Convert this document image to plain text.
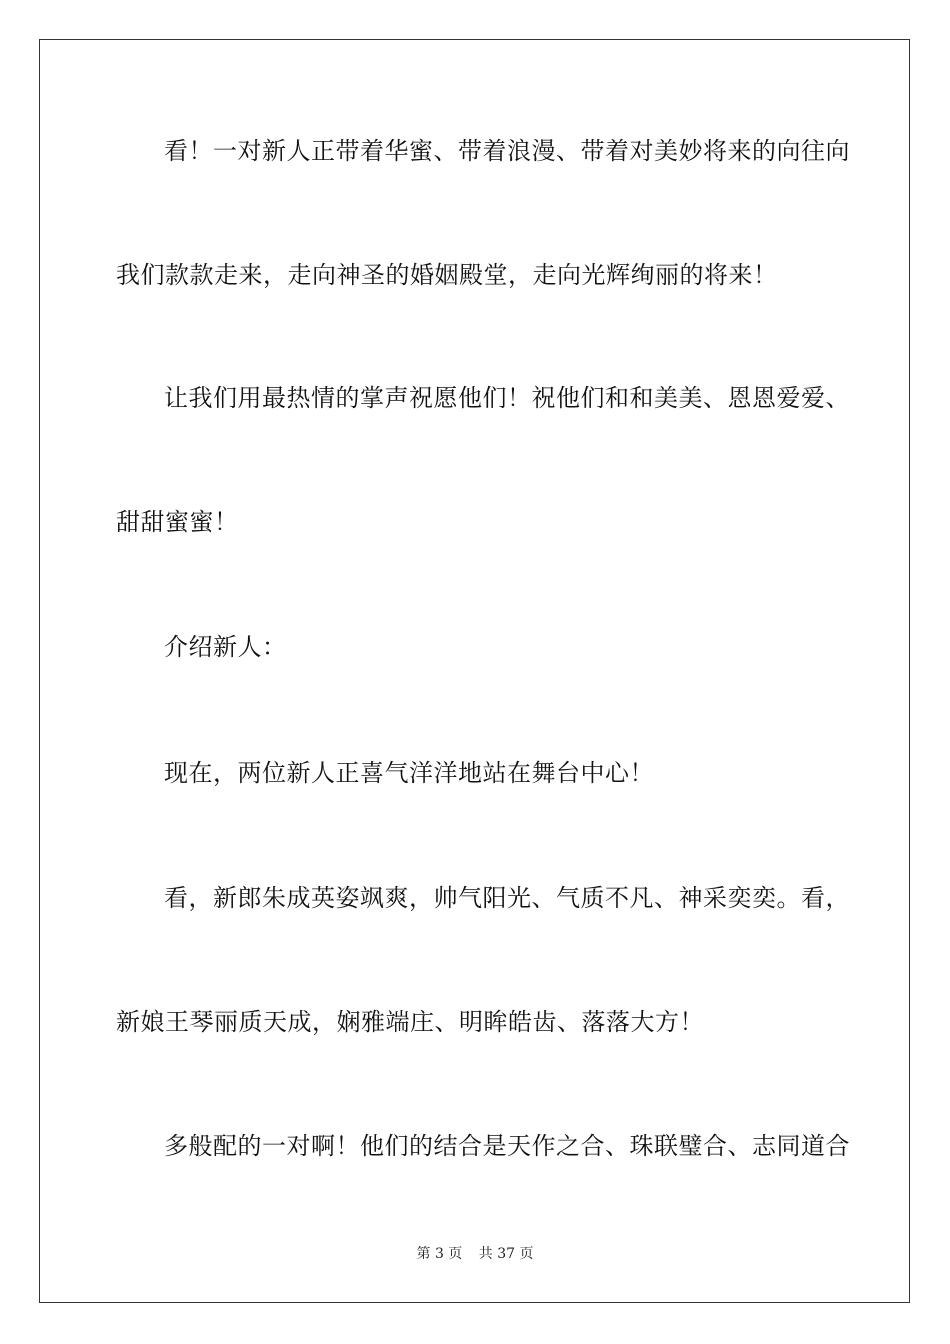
看！一对新人正带着华蜜、带着浪漫、带着对美妙将来的向往向
我们款款走来，走向神圣的婚姻殿堂，走向光辉绚丽的将来！
让我们用最热情的掌声祝愿他们！祝他们和和美美、恩恩爱爱、
甜甜蜜蜜！
介绍新人：
现在，两位新人正喜气洋洋地站在舞台中心！
看，新郎朱成英姿飒爽，帅气阳光、气质不凡、神采奕奕。看，
新娘王琴丽质天成，娴雅端庄、明眸皓齿、落落大方！
多般配的一对啊！他们的结合是天作之合、珠联璧合、志同道合
第 3 页 共 37 页
